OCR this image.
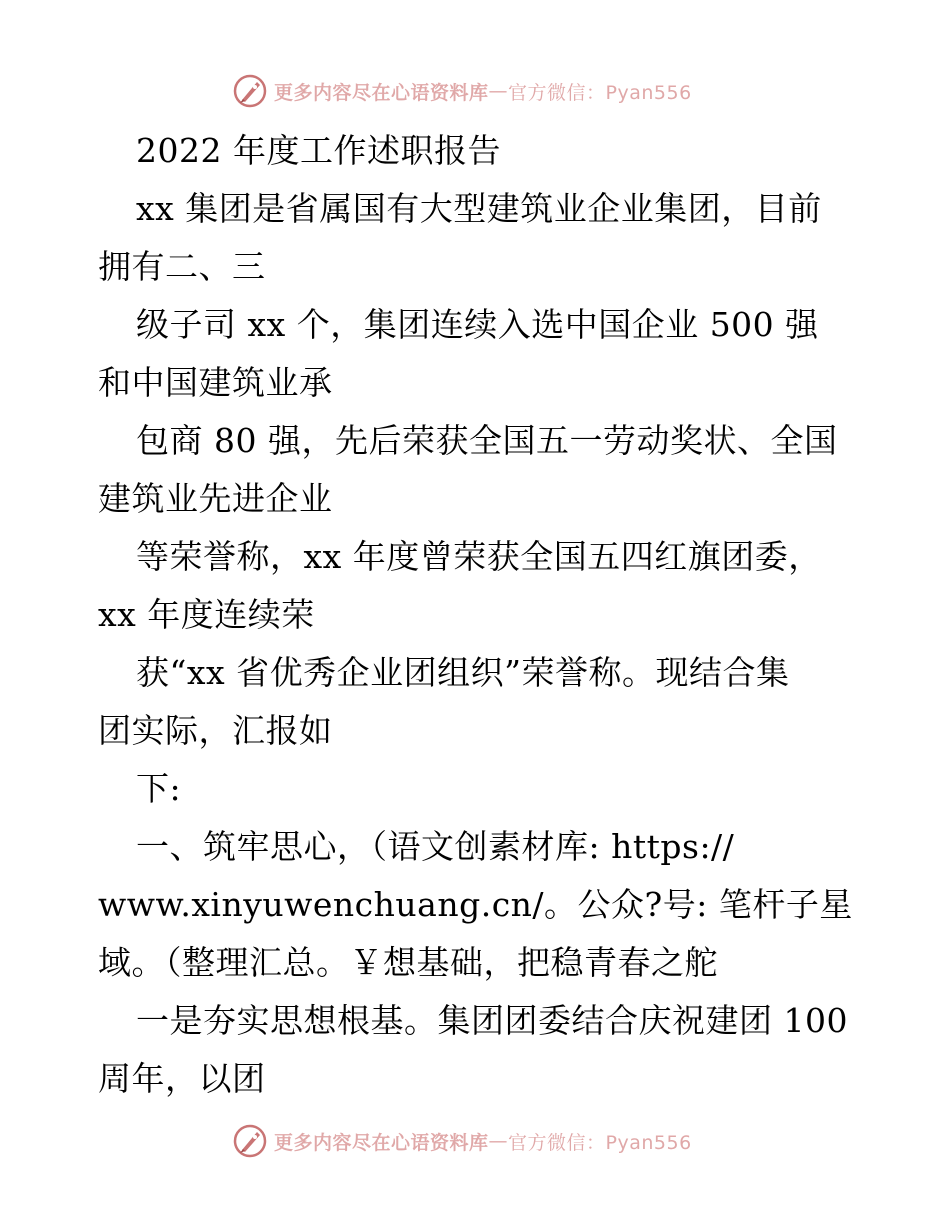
更多内容尽在心语资料库 — 官方微信：Pyan556
2022 年度工作述职报告
xx 集团是省属国有大型建筑业企业集团，目前
拥有二、三
级子司 xx 个，集团连续入选中国企业 500 强
和中国建筑业承
包商 80 强，先后荣获全国五一劳动奖状、全国
建筑业先进企业
等荣誉称，xx 年度曾荣获全国五四红旗团委，
xx 年度连续荣
获“xx 省优秀企业团组织”荣誉称。现结合集
团实际，汇报如
下:
一、筑牢思心，（语文创素材库: https://
www.xinyuwenchuang.cn/。公众?号: 笔杆子星
域。（整理汇总。￥想基础，把稳青春之舵
一是夯实思想根基。集团团委结合庆祝建团 100
周年，以团
更多内容尽在心语资料库 — 官方微信：Pyan556
